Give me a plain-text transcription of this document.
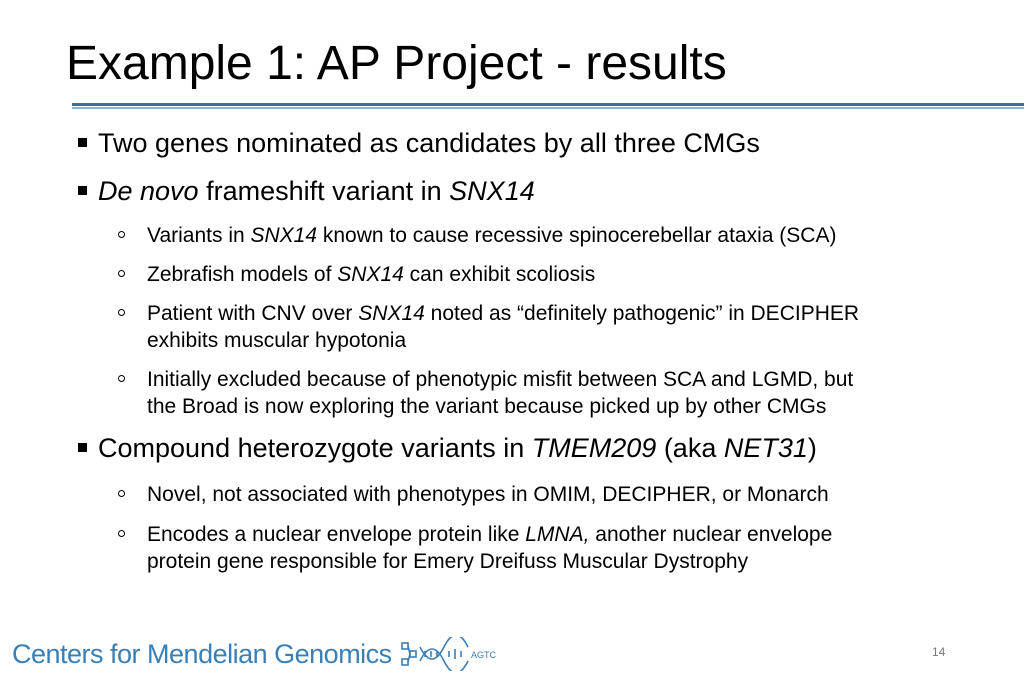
Example 1: AP Project - results
Two genes nominated as candidates by all three CMGs
De novo frameshift variant in SNX14
Variants in SNX14 known to cause recessive spinocerebellar ataxia (SCA)
Zebrafish models of SNX14 can exhibit scoliosis
Patient with CNV over SNX14 noted as “definitely pathogenic” in DECIPHER
exhibits muscular hypotonia
Initially excluded because of phenotypic misfit between SCA and LGMD, but
the Broad is now exploring the variant because picked up by other CMGs
Compound heterozygote variants in TMEM209 (aka NET31)
Novel, not associated with phenotypes in OMIM, DECIPHER, or Monarch
Encodes a nuclear envelope protein like LMNA, another nuclear envelope
protein gene responsible for Emery Dreifuss Muscular Dystrophy
Centers for Mendelian Genomics	AGTC	14
